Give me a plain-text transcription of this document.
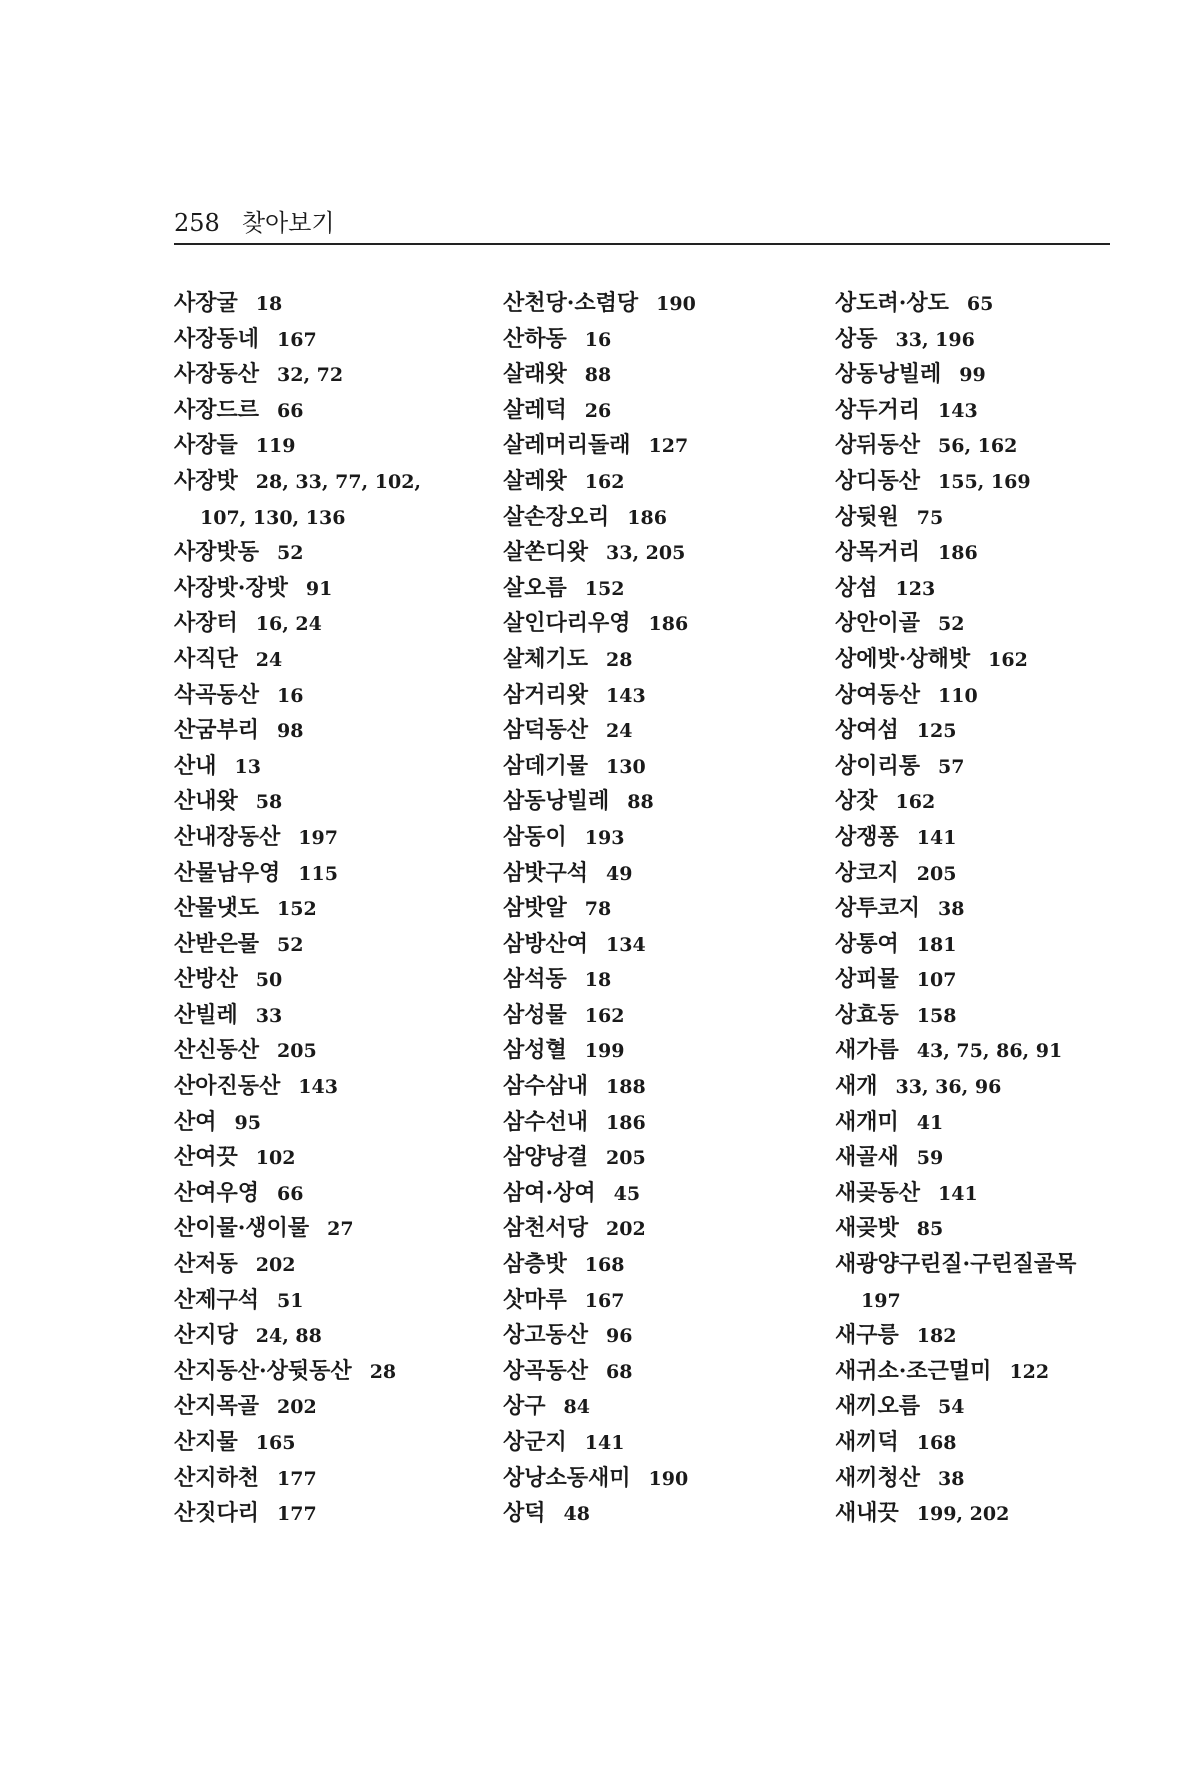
258 찾아보기
사장굴 18
사장동네 167
사장동산 32, 72
사장드르 66
사장들 119
사장밧 28, 33, 77, 102,
107, 130, 136
사장밧동 52
사장밧·장밧 91
사장터 16, 24
사직단 24
삭곡동산 16
산굼부리 98
산내 13
산내왓 58
산내장동산 197
산물남우영 115
산물냇도 152
산받은물 52
산방산 50
산빌레 33
산신동산 205
산아진동산 143
산여 95
산여끗 102
산여우영 66
산이물·생이물 27
산저동 202
산제구석 51
산지당 24, 88
산지동산·상뒷동산 28
산지목골 202
산지물 165
산지하천 177
산짓다리 177
산천당·소렴당 190
산하동 16
살래왓 88
살레덕 26
살레머리돌래 127
살레왓 162
살손장오리 186
살쏜디왓 33, 205
살오름 152
살인다리우영 186
살체기도 28
삼거리왓 143
삼덕동산 24
삼데기물 130
삼동낭빌레 88
삼동이 193
삼밧구석 49
삼밧알 78
삼방산여 134
삼석동 18
삼성물 162
삼성혈 199
삼수삼내 188
삼수선내 186
삼양낭결 205
삼여·상여 45
삼천서당 202
삼층밧 168
삿마루 167
상고동산 96
상곡동산 68
상구 84
상군지 141
상낭소동새미 190
상덕 48
상도려·상도 65
상동 33, 196
상동낭빌레 99
상두거리 143
상뒤동산 56, 162
상디동산 155, 169
상뒷원 75
상목거리 186
상섬 123
상안이골 52
상에밧·상해밧 162
상여동산 110
상여섬 125
상이리통 57
상잣 162
상쟁퐁 141
상코지 205
상투코지 38
상통여 181
상피물 107
상효동 158
새가름 43, 75, 86, 91
새개 33, 36, 96
새개미 41
새골새 59
새곶동산 141
새곶밧 85
새광양구린질·구린질골목
197
새구릉 182
새귀소·조근멀미 122
새끼오름 54
새끼덕 168
새끼청산 38
새내끗 199, 202
